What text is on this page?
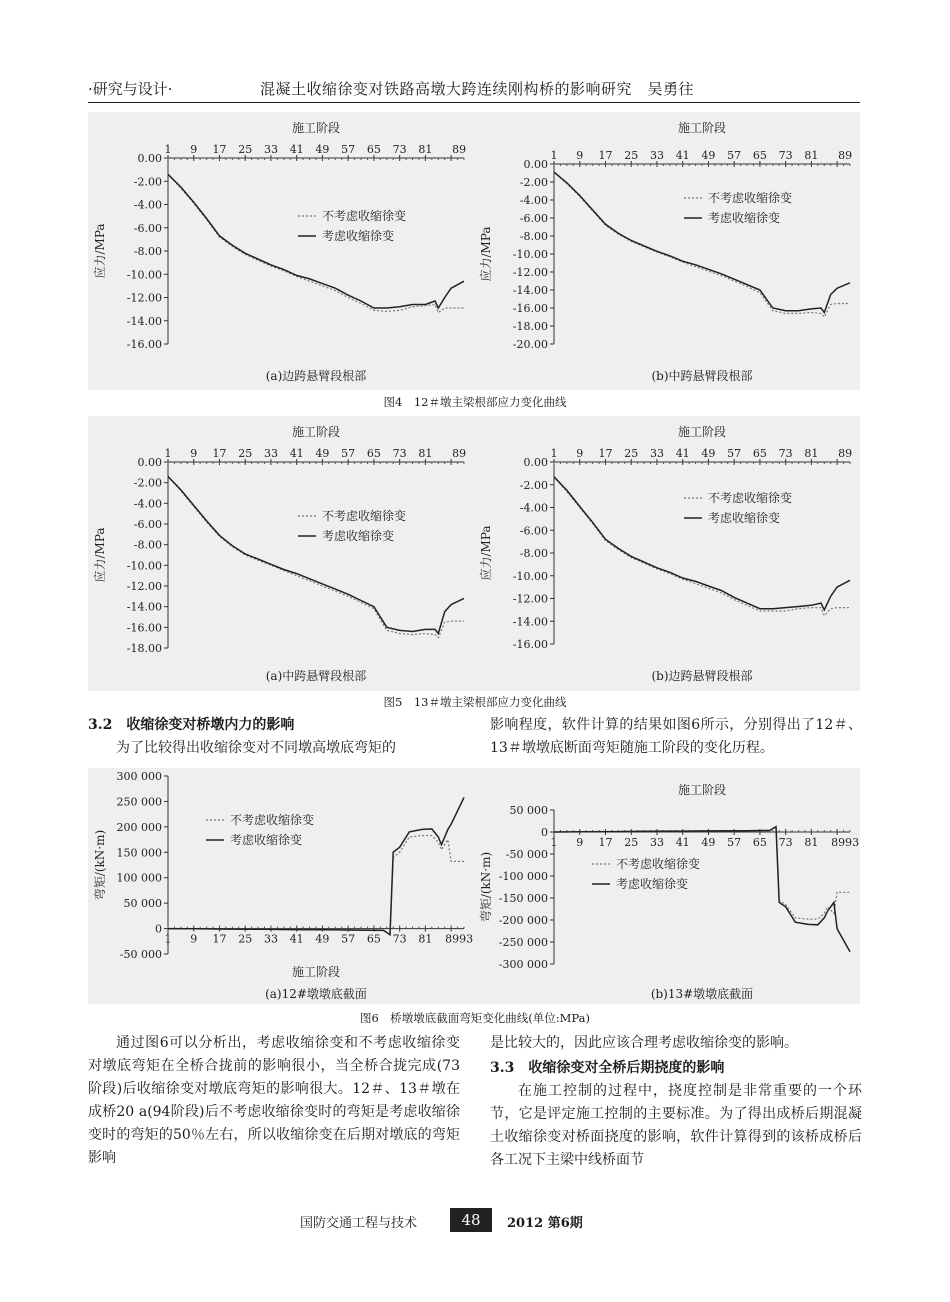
·研究与设计·	混凝土收缩徐变对铁路高墩大跨连续刚构桥的影响研究　吴勇往
0.00
-2.00
-4.00
-6.00
-8.00
-10.00
-12.00
-14.00
-16.00
应力/MPa
1 9 17 25 33 41 49 57 65 73 81 89
施工阶段
不考虑收缩徐变
考虑收缩徐变
(a)边跨悬臂段根部
0.00
-2.00
-4.00
-6.00
-8.00
-10.00
-12.00
-14.00
-16.00
-18.00
-20.00
应力/MPa
1 9 17 25 33 41 49 57 65 73 81 89
施工阶段
不考虑收缩徐变
考虑收缩徐变
(b)中跨悬臂段根部
图4　12＃墩主梁根部应力变化曲线
0.00
-2.00
-4.00
-6.00
-8.00
-10.00
-12.00
-14.00
-16.00
-18.00
应力/MPa
1 9 17 25 33 41 49 57 65 73 81 89
施工阶段
不考虑收缩徐变
考虑收缩徐变
(a)中跨悬臂段根部
0.00
-2.00
-4.00
-6.00
-8.00
-10.00
-12.00
-14.00
-16.00
应力/MPa
1 9 17 25 33 41 49 57 65 73 81 89
施工阶段
不考虑收缩徐变
考虑收缩徐变
(b)边跨悬臂段根部
图5　13＃墩主梁根部应力变化曲线
3.2　收缩徐变对桥墩内力的影响

为了比较得出收缩徐变对不同墩高墩底弯矩的

影响程度，软件计算的结果如图6所示，分别得出了12＃、13＃墩墩底断面弯矩随施工阶段的变化历程。

300 000
250 000
200 000
150 000
100 000
50 000
0
-50 000
弯矩/(kN·m)
1 9 17 25 33 41 49 57 65 73 81 8993
施工阶段
不考虑收缩徐变
考虑收缩徐变
(a)12#墩墩底截面
50 000
0
-50 000
-100 000
-150 000
-200 000
-250 000
-300 000
弯矩/(kN·m)
1 9 17 25 33 41 49 57 65 73 81 8993
施工阶段
不考虑收缩徐变
考虑收缩徐变
(b)13#墩墩底截面
图6　桥墩墩底截面弯矩变化曲线(单位:MPa)

通过图6可以分析出，考虑收缩徐变和不考虑收缩徐变对墩底弯矩在全桥合拢前的影响很小，当全桥合拢完成(73阶段)后收缩徐变对墩底弯矩的影响很大。12＃、13＃墩在成桥20 a(94阶段)后不考虑收缩徐变时的弯矩是考虑收缩徐变时的弯矩的50％左右，所以收缩徐变在后期对墩底的弯矩影响

是比较大的，因此应该合理考虑收缩徐变的影响。

3.3　收缩徐变对全桥后期挠度的影响

在施工控制的过程中，挠度控制是非常重要的一个环节，它是评定施工控制的主要标准。为了得出成桥后期混凝土收缩徐变对桥面挠度的影响，软件计算得到的该桥成桥后各工况下主梁中线桥面节

国防交通工程与技术	48	2012 第6期
